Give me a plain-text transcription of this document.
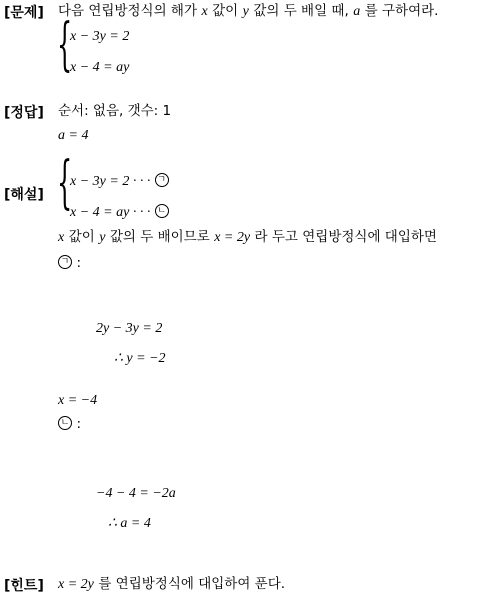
[문제] 다음 연립방정식의 해가 x 값이 y 값의 두 배일 때, a 를 구하여라.
{
x − 3y = 2
x − 4 = ay
[정답] 순서: 없음, 갯수: 1
a = 4
[해설] {
x − 3y = 2 · · · ㄱ
x − 4 = ay · · · ㄴ
x 값이 y 값의 두 배이므로 x = 2y 라 두고 연립방정식에 대입하면
ㄱ :
2y − 3y = 2
∴ y = −2
x = −4
ㄴ :
−4 − 4 = −2a
∴ a = 4
[힌트] x = 2y 를 연립방정식에 대입하여 푼다.
